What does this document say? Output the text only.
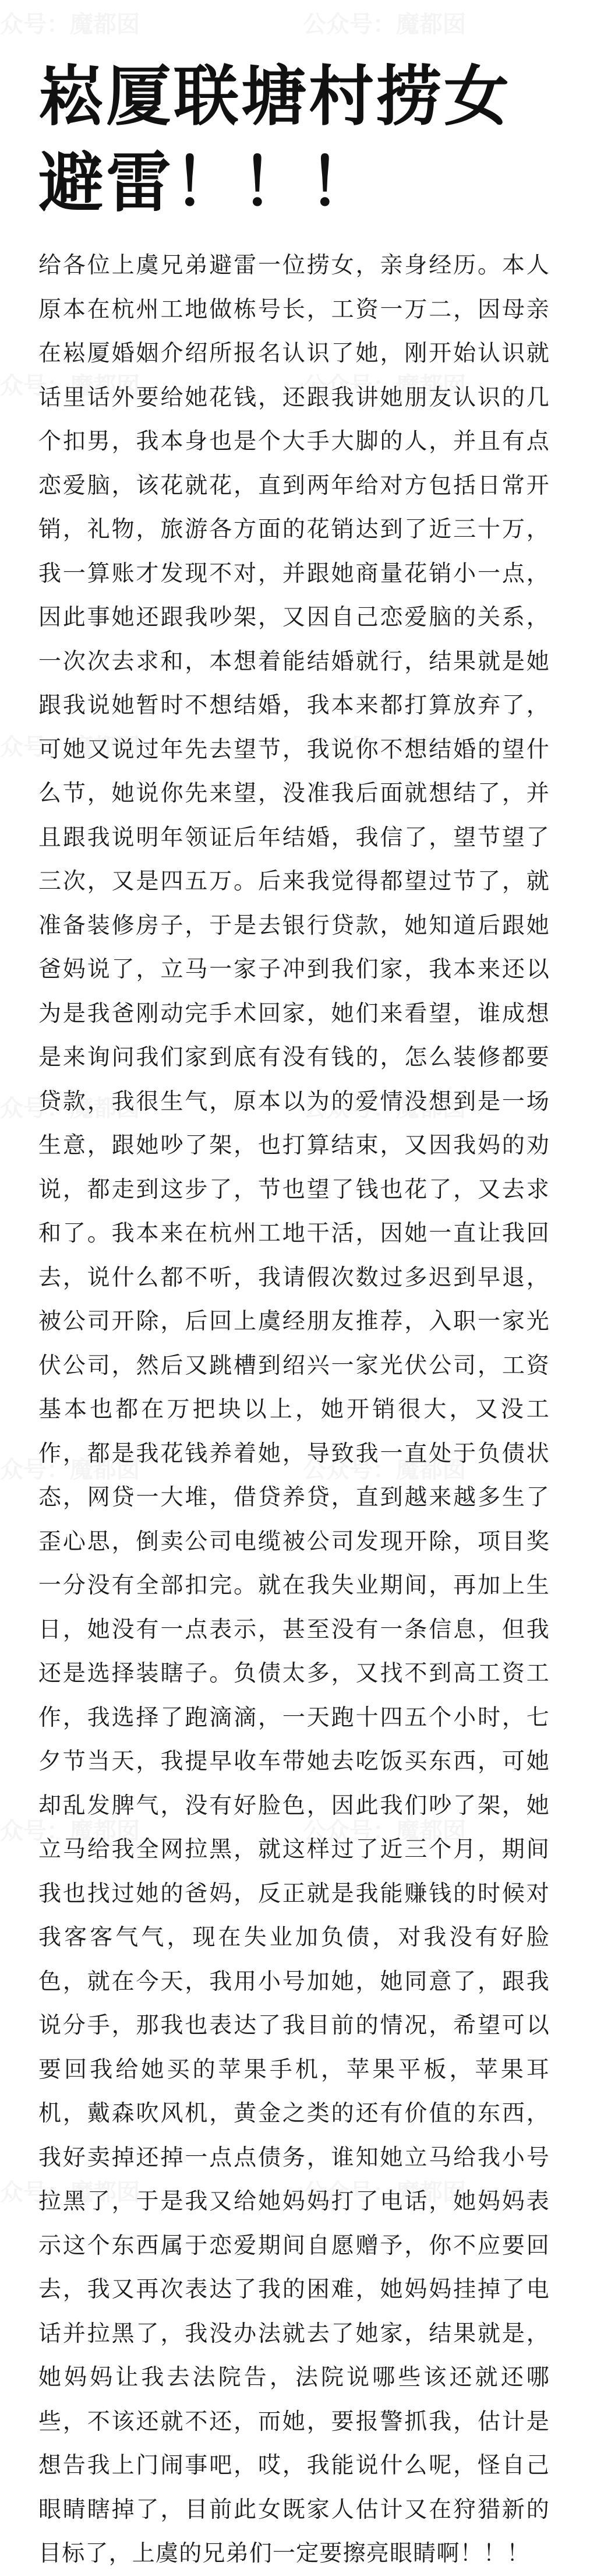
崧厦联塘村捞女避雷！！！

给各位上虞兄弟避雷一位捞女，亲身经历。本人原本在杭州工地做栋号长，工资一万二，因母亲在崧厦婚姻介绍所报名认识了她，刚开始认识就话里话外要给她花钱，还跟我讲她朋友认识的几个扣男，我本身也是个大手大脚的人，并且有点恋爱脑，该花就花，直到两年给对方包括日常开销，礼物，旅游各方面的花销达到了近三十万，我一算账才发现不对，并跟她商量花销小一点，因此事她还跟我吵架，又因自己恋爱脑的关系，一次次去求和，本想着能结婚就行，结果就是她跟我说她暂时不想结婚，我本来都打算放弃了，可她又说过年先去望节，我说你不想结婚的望什么节，她说你先来望，没准我后面就想结了，并且跟我说明年领证后年结婚，我信了，望节望了三次，又是四五万。后来我觉得都望过节了，就准备装修房子，于是去银行贷款，她知道后跟她爸妈说了，立马一家子冲到我们家，我本来还以为是我爸刚动完手术回家，她们来看望，谁成想是来询问我们家到底有没有钱的，怎么装修都要贷款，我很生气，原本以为的爱情没想到是一场生意，跟她吵了架，也打算结束，又因我妈的劝说，都走到这步了，节也望了钱也花了，又去求和了。我本来在杭州工地干活，因她一直让我回去，说什么都不听，我请假次数过多迟到早退，被公司开除，后回上虞经朋友推荐，入职一家光伏公司，然后又跳槽到绍兴一家光伏公司，工资基本也都在万把块以上，她开销很大，又没工作，都是我花钱养着她，导致我一直处于负债状态，网贷一大堆，借贷养贷，直到越来越多生了歪心思，倒卖公司电缆被公司发现开除，项目奖一分没有全部扣完。就在我失业期间，再加上生日，她没有一点表示，甚至没有一条信息，但我还是选择装瞎子。负债太多，又找不到高工资工作，我选择了跑滴滴，一天跑十四五个小时，七夕节当天，我提早收车带她去吃饭买东西，可她却乱发脾气，没有好脸色，因此我们吵了架，她立马给我全网拉黑，就这样过了近三个月，期间我也找过她的爸妈，反正就是我能赚钱的时候对我客客气气，现在失业加负债，对我没有好脸色，就在今天，我用小号加她，她同意了，跟我说分手，那我也表达了我目前的情况，希望可以要回我给她买的苹果手机，苹果平板，苹果耳机，戴森吹风机，黄金之类的还有价值的东西，我好卖掉还掉一点点债务，谁知她立马给我小号拉黑了，于是我又给她妈妈打了电话，她妈妈表示这个东西属于恋爱期间自愿赠予，你不应要回去，我又再次表达了我的困难，她妈妈挂掉了电话并拉黑了，我没办法就去了她家，结果就是，她妈妈让我去法院告，法院说哪些该还就还哪些，不该还就不还，而她，要报警抓我，估计是想告我上门闹事吧，哎，我能说什么呢，怪自己眼睛瞎掉了，目前此女既家人估计又在狩猎新的目标了，上虞的兄弟们一定要擦亮眼睛啊！！！
